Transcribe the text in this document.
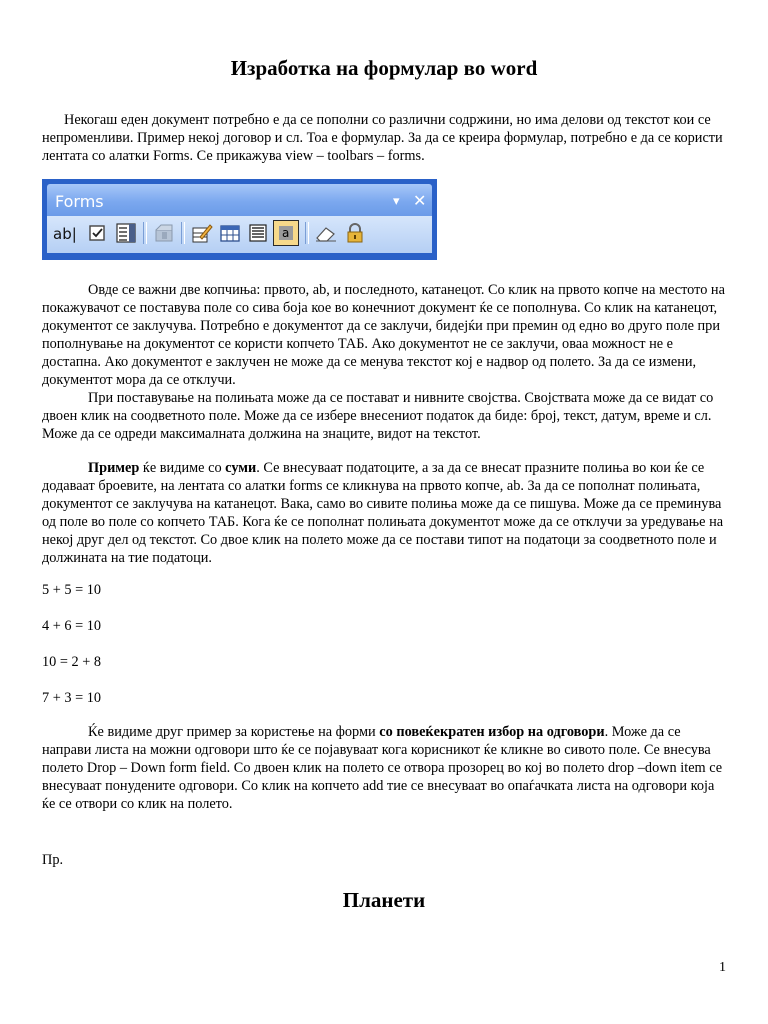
Изработка на формулар во word

Некогаш еден документ потребно е да се пополни со различни содржини, но има делови од текстот кои се непроменливи. Пример некој договор и сл. Тоа е формулар. За да се креира формулар, потребно е да се користи лентата со алатки Forms. Се прикажува view – toolbars – forms.

Forms	▾ ✕
ab|	a

Овде се важни две копчиња: првото, ab, и последното, катанецот. Со клик на првото копче на местото на покажувачот се поставува поле со сива боја кое во конечниот документ ќе се пополнува. Со клик на катанецот, документот се заклучува. Потребно е документот да се заклучи, бидејќи при премин од едно во друго поле при пополнување на документот се користи копчето ТАБ. Ако документот не се заклучи, оваа можност не е достапна. Ако документот е заклучен не може да се менува текстот кој е надвор од полето. За да се измени, документот мора да се отклучи.

При поставување на полињата може да се постават и нивните својства. Својствата може да се видат со двоен клик на соодветното поле. Може да се избере внесениот податок да биде: број, текст, датум, време и сл. Може да се одреди максималната должина на знаците, видот на текстот.

Пример ќе видиме со суми. Се внесуваат податоците, а за да се внесат празните полиња во кои ќе се додаваат броевите, на лентата со алатки forms се кликнува на првото копче, ab. За да се пополнат полињата, документот се заклучува на катанецот. Вака, само во сивите полиња може да се пишува. Може да се преминува од поле во поле со копчето ТАБ. Кога ќе се пополнат полињата документот може да се отклучи за уредување на некој друг дел од текстот. Со двое клик на полето може да се постави типот на податоци за соодветното поле и должината на тие податоци.

5 + 5 = 10
4 + 6 = 10
10 = 2 + 8
7 + 3 = 10

Ќе видиме друг пример за користење на форми со повеќекратен избор на одговори. Може да се направи листа на можни одговори што ќе се појавуваат кога корисникот ќе кликне во сивото поле. Се внесува полето Drop – Down form field. Со двоен клик на полето се отвора прозорец во кој во полето drop –down item се внесуваат понудените одговори. Со клик на копчето add тие се внесуваат во опаѓачката листа на одговори која ќе се отвори со клик на полето.

Пр.
Планети
1
